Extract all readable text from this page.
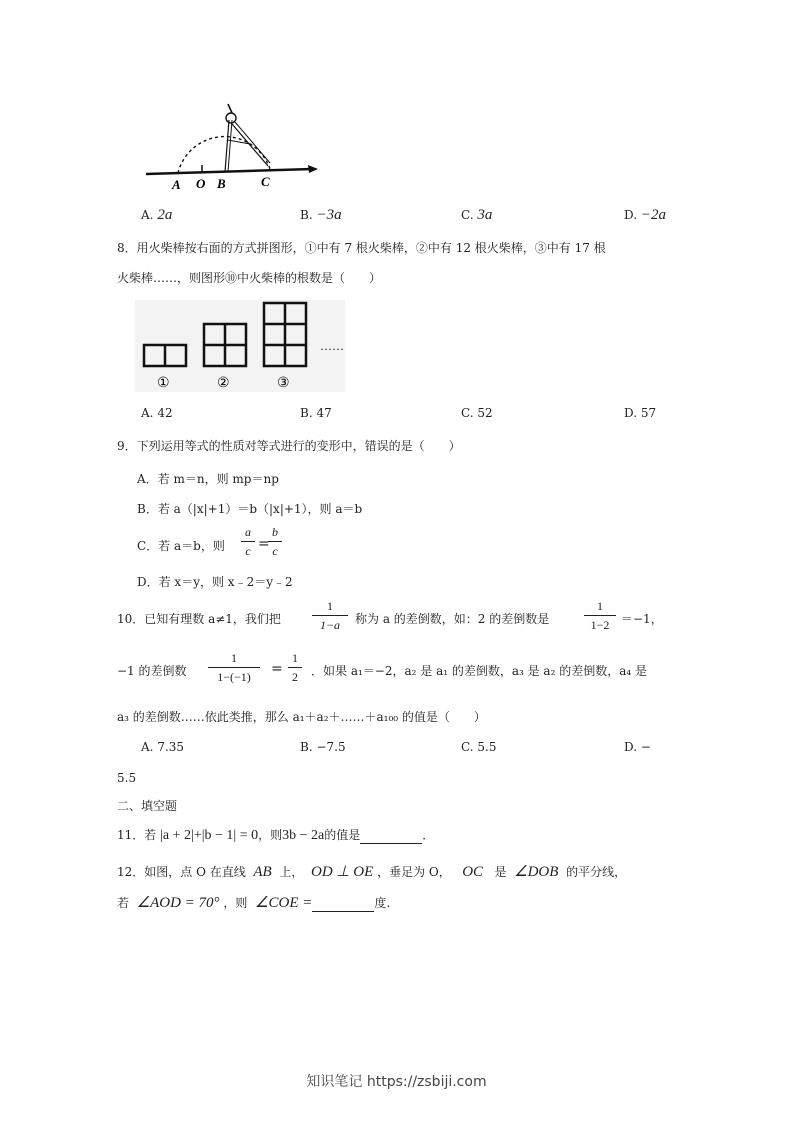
A O B	C
A. 2a	B. −3a	C. 3a	D. −2a
8．用火柴棒按右面的方式拼图形，①中有 7 根火柴棒，②中有 12 根火柴棒，③中有 17 根
火柴棒……，则图形⑩中火柴棒的根数是（　　）
①	②	③
……
A. 42	B. 47	C. 52	D. 57
9．下列运用等式的性质对等式进行的变形中，错误的是（　　）
A．若 m＝n，则 mp＝np
B．若 a（|x|+1）＝b（|x|+1），则 a＝b
C．若 a＝b，则
a
c =
b
c
D．若 x＝y，则 x﹣2＝y﹣2
10．已知有理数 a≠1，我们把
1
1−a	称为 a 的差倒数，如：2 的差倒数是
1
1−2 ＝−1，
−1 的差倒数
1
1−(−1)	=
1
2	．如果 a₁＝−2，a₂ 是 a₁ 的差倒数，a₃ 是 a₂ 的差倒数，a₄ 是
a₃ 的差倒数……依此类推，那么 a₁＋a₂＋……＋a₁₀₀ 的值是（　　）
A. 7.35	B. −7.5	C. 5.5	D. −
5.5
二、填空题
11．若 |a + 2|+|b − 1| = 0，则3b − 2a的值是	．
12．如图，点 O 在直线 AB 上， OD ⊥ OE ，垂足为 O， OC 是 ∠DOB 的平分线，
若 ∠AOD = 70° ，则 ∠COE =	度.
知识笔记 https://zsbiji.com
